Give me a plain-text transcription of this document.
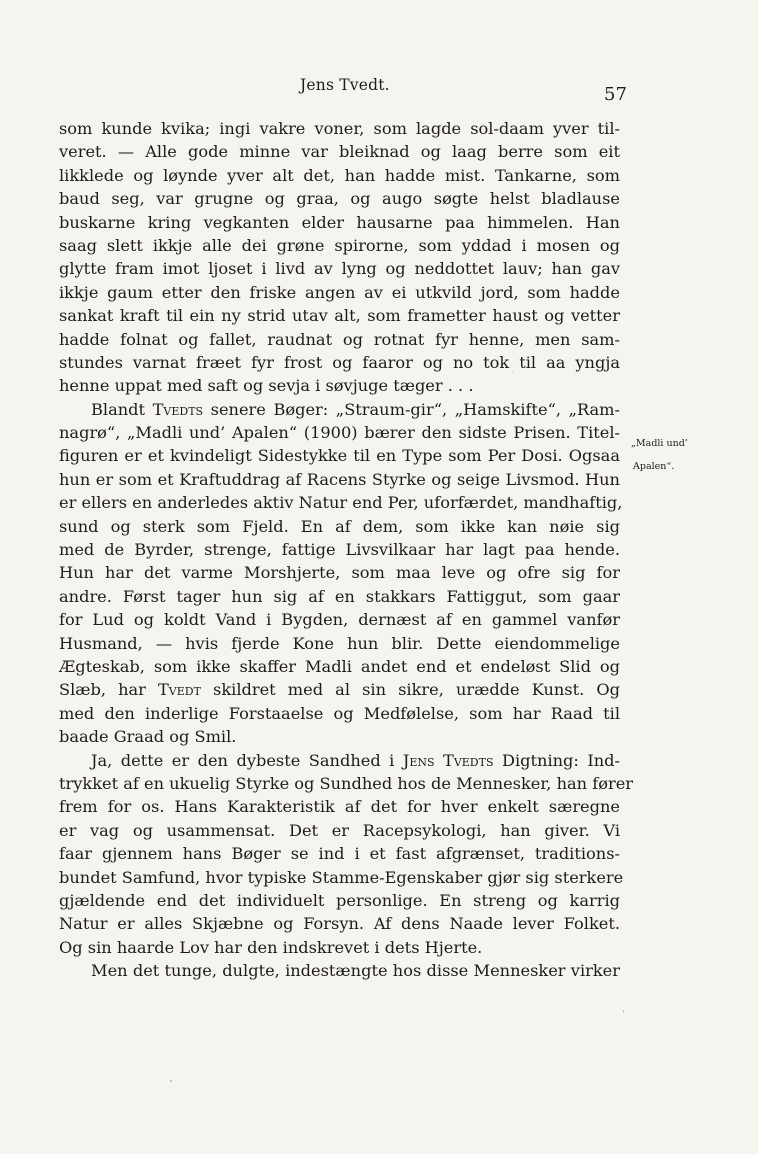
Jens Tvedt.	57
som kunde kvika; ingi vakre voner, som lagde sol-daam yver til-
veret. — Alle gode minne var bleiknad og laag berre som eit
likklede og løynde yver alt det, han hadde mist. Tankarne, som
baud seg, var grugne og graa, og augo søgte helst bladlause
buskarne kring vegkanten elder hausarne paa himmelen. Han
saag slett ikkje alle dei grøne spirorne, som yddad i mosen og
glytte fram imot ljoset i livd av lyng og neddottet lauv; han gav
ikkje gaum etter den friske angen av ei utkvild jord, som hadde
sankat kraft til ein ny strid utav alt, som frametter haust og vetter
hadde folnat og fallet, raudnat og rotnat fyr henne, men sam-
stundes varnat fræet fyr frost og faaror og no tok til aa yngja
henne uppat med saft og sevja i søvjuge tæger . . .
Blandt Tvedts senere Bøger: „Straum-gir“, „Hamskifte“, „Ram-
nagrø“, „Madli und’ Apalen“ (1900) bærer den sidste Prisen. Titel-
figuren er et kvindeligt Sidestykke til en Type som Per Dosi. Ogsaa
hun er som et Kraftuddrag af Racens Styrke og seige Livsmod. Hun
er ellers en anderledes aktiv Natur end Per, uforfærdet, mandhaftig,
sund og sterk som Fjeld. En af dem, som ikke kan nøie sig
med de Byrder, strenge, fattige Livsvilkaar har lagt paa hende.
Hun har det varme Morshjerte, som maa leve og ofre sig for
andre. Først tager hun sig af en stakkars Fattiggut, som gaar
for Lud og koldt Vand i Bygden, dernæst af en gammel vanfør
Husmand, — hvis fjerde Kone hun blir. Dette eiendommelige
Ægteskab, som ikke skaffer Madli andet end et endeløst Slid og
Slæb, har Tvedt skildret med al sin sikre, urædde Kunst. Og
med den inderlige Forstaaelse og Medfølelse, som har Raad til
baade Graad og Smil.
Ja, dette er den dybeste Sandhed i Jens Tvedts Digtning: Ind-
trykket af en ukuelig Styrke og Sundhed hos de Mennesker, han fører
frem for os. Hans Karakteristik af det for hver enkelt særegne
er vag og usammensat. Det er Racepsykologi, han giver. Vi
faar gjennem hans Bøger se ind i et fast afgrænset, traditions-
bundet Samfund, hvor typiske Stamme-Egenskaber gjør sig sterkere
gjældende end det individuelt personlige. En streng og karrig
Natur er alles Skjæbne og Forsyn. Af dens Naade lever Folket.
Og sin haarde Lov har den indskrevet i dets Hjerte.
Men det tunge, dulgte, indestængte hos disse Mennesker virker
„Madli und’
Apalen“.
